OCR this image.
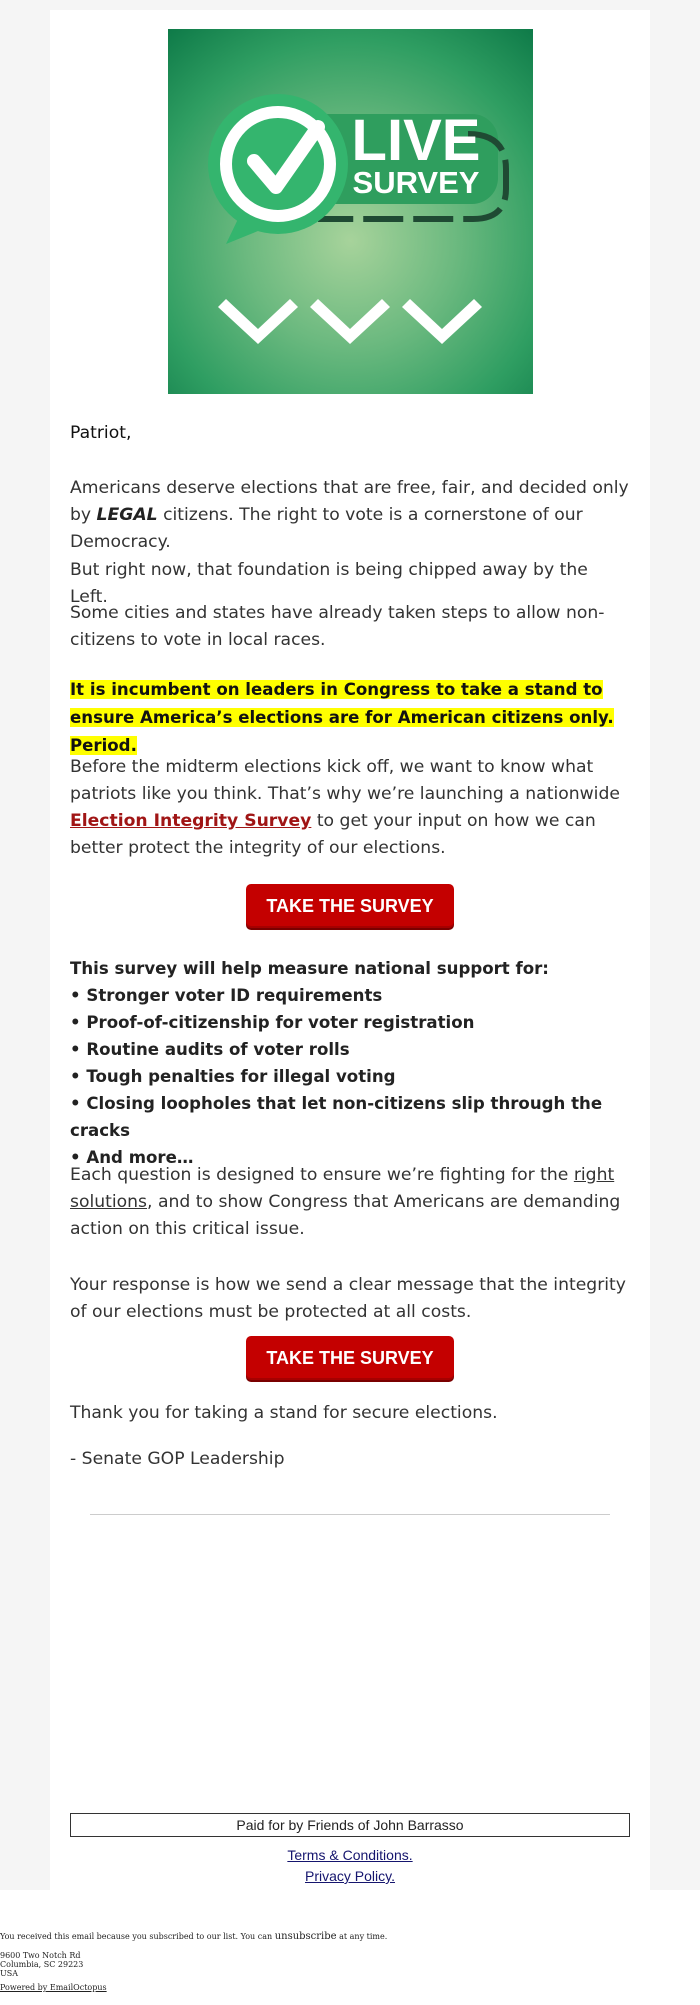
LIVE
SURVEY

Patriot,

Americans deserve elections that are free, fair, and decided only by LEGAL citizens. The right to vote is a cornerstone of our Democracy.

But right now, that foundation is being chipped away by the Left.

Some cities and states have already taken steps to allow non-citizens to vote in local races.

It is incumbent on leaders in Congress to take a stand to ensure America’s elections are for American citizens only. Period.

Before the midterm elections kick off, we want to know what patriots like you think. That’s why we’re launching a nationwide Election Integrity Survey to get your input on how we can better protect the integrity of our elections.

TAKE THE SURVEY
This survey will help measure national support for:
• Stronger voter ID requirements
• Proof-of-citizenship for voter registration
• Routine audits of voter rolls
• Tough penalties for illegal voting
• Closing loopholes that let non-citizens slip through the cracks
• And more…

Each question is designed to ensure we’re fighting for the right solutions, and to show Congress that Americans are demanding action on this critical issue.

Your response is how we send a clear message that the integrity of our elections must be protected at all costs.

TAKE THE SURVEY

Thank you for taking a stand for secure elections.

- Senate GOP Leadership

Paid for by Friends of John Barrasso
Terms & Conditions.
Privacy Policy.
You received this email because you subscribed to our list. You can unsubscribe at any time.
9600 Two Notch Rd
Columbia, SC 29223
USA
Powered by EmailOctopus
